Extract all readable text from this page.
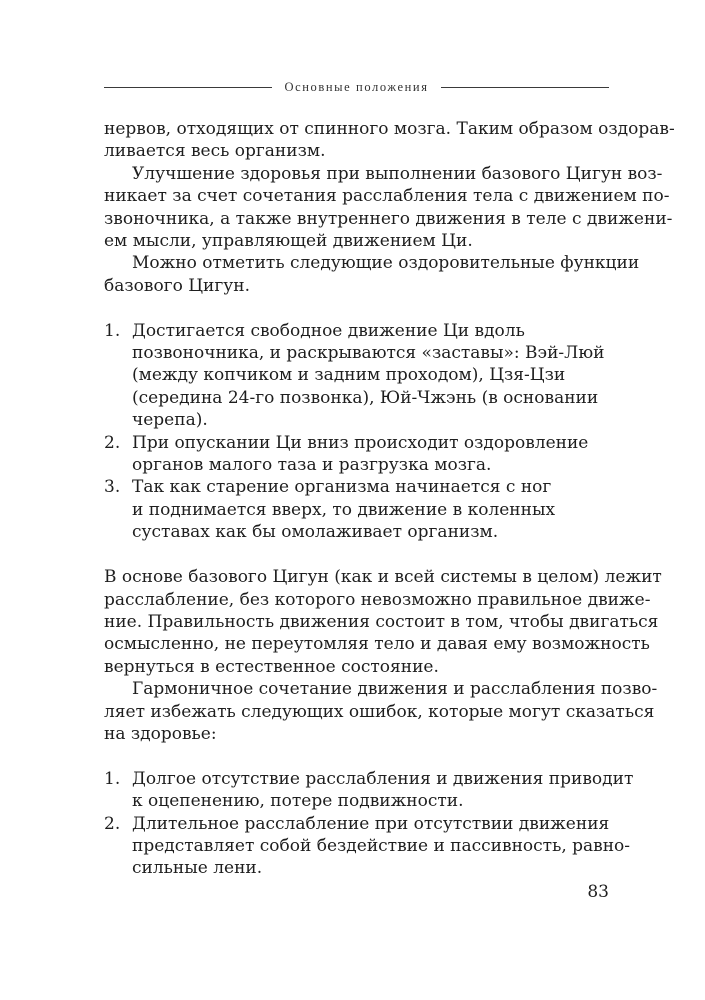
Основные положения
нервов, отходящих от спинного мозга. Таким образом оздорав-
ливается весь организм.
Улучшение здоровья при выполнении базового Цигун воз-
никает за счет сочетания расслабления тела с движением по-
звоночника, а также внутреннего движения в теле с движени-
ем мысли, управляющей движением Ци.
Можно отметить следующие оздоровительные функции
базового Цигун.
1. Достигается свободное движение Ци вдоль
позвоночника, и раскрываются «заставы»: Вэй-Люй
(между копчиком и задним проходом), Цзя-Цзи
(середина 24-го позвонка), Юй-Чжэнь (в основании
черепа).
2. При опускании Ци вниз происходит оздоровление
органов малого таза и разгрузка мозга.
3. Так как старение организма начинается с ног
и поднимается вверх, то движение в коленных
суставах как бы омолаживает организм.
В основе базового Цигун (как и всей системы в целом) лежит
расслабление, без которого невозможно правильное движе-
ние. Правильность движения состоит в том, чтобы двигаться
осмысленно, не переутомляя тело и давая ему возможность
вернуться в естественное состояние.
Гармоничное сочетание движения и расслабления позво-
ляет избежать следующих ошибок, которые могут сказаться
на здоровье:
1. Долгое отсутствие расслабления и движения приводит
к оцепенению, потере подвижности.
2. Длительное расслабление при отсутствии движения
представляет собой бездействие и пассивность, равно-
сильные лени.
83
